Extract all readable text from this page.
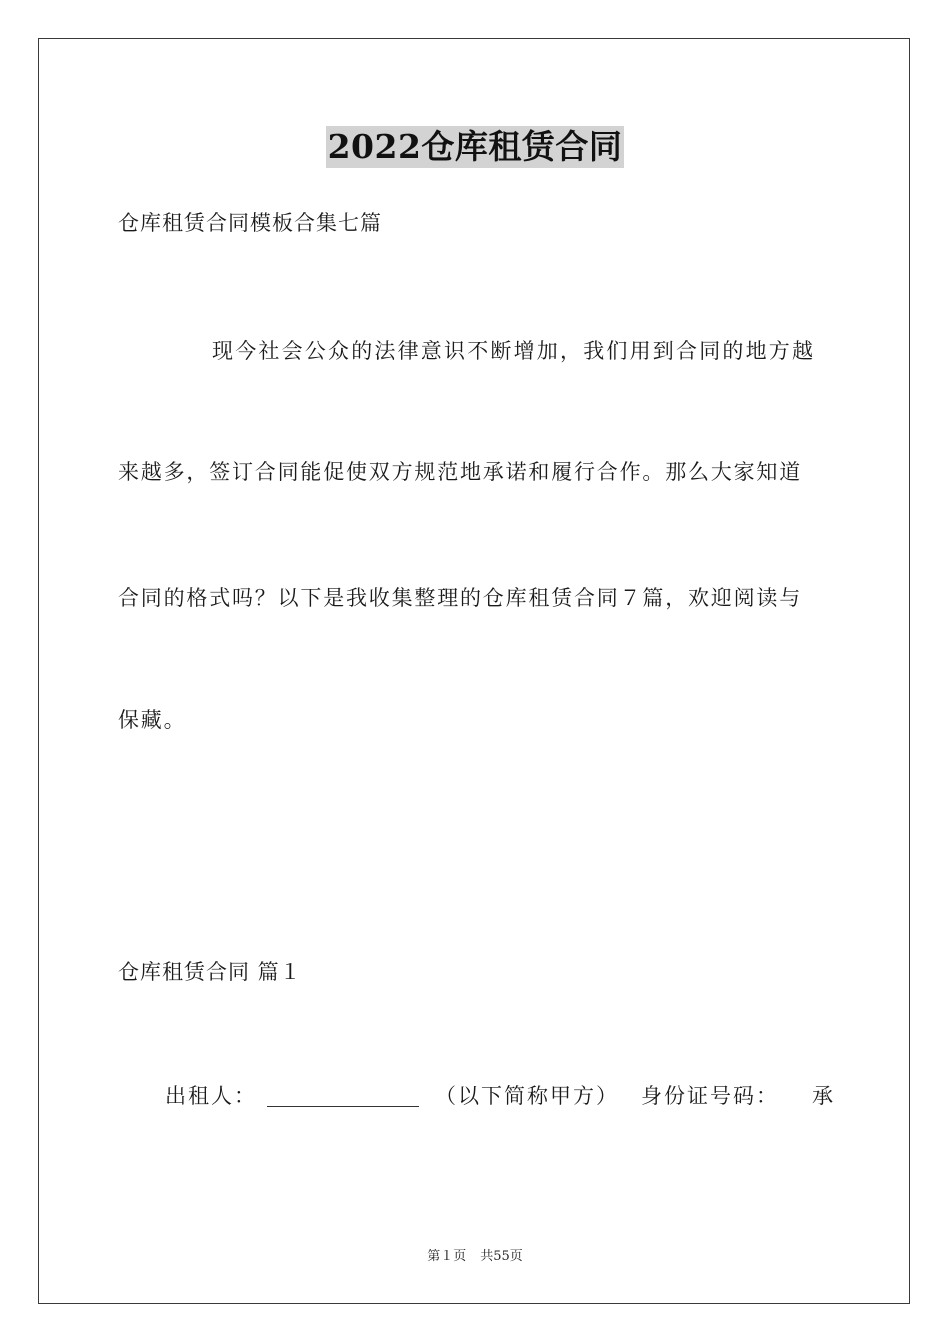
2022仓库租赁合同
仓库租赁合同模板合集七篇
现今社会公众的法律意识不断增加，我们用到合同的地方越
来越多，签订合同能促使双方规范地承诺和履行合作。那么大家知道
合同的格式吗？以下是我收集整理的仓库租赁合同７篇，欢迎阅读与
保藏。
仓库租赁合同 篇１
出租人：	（以下简称甲方） 身份证号码： 承
第１页 共55页
